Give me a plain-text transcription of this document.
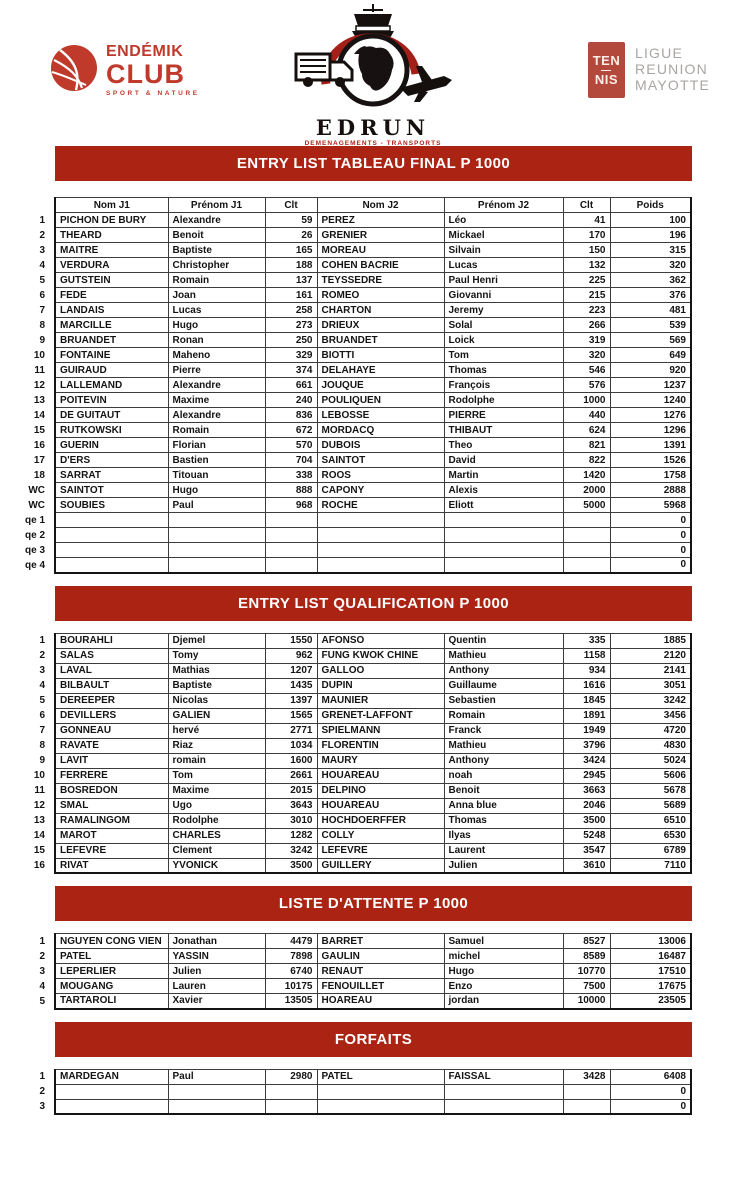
ENDÉMIK
CLUB
SPORT & NATURE
EDRUN
DEMENAGEMENTS - TRANSPORTS
TEN
NIS
LIGUE
REUNION
MAYOTTE
ENTRY LIST TABLEAU FINAL P 1000
	Nom J1	Prénom J1	Clt	Nom J2	Prénom J2	Clt	Poids
1	PICHON DE BURY	Alexandre	59	PEREZ	Léo	41	100
2	THEARD	Benoit	26	GRENIER	Mickael	170	196
3	MAITRE	Baptiste	165	MOREAU	Silvain	150	315
4	VERDURA	Christopher	188	COHEN BACRIE	Lucas	132	320
5	GUTSTEIN	Romain	137	TEYSSEDRE	Paul Henri	225	362
6	FEDE	Joan	161	ROMEO	Giovanni	215	376
7	LANDAIS	Lucas	258	CHARTON	Jeremy	223	481
8	MARCILLE	Hugo	273	DRIEUX	Solal	266	539
9	BRUANDET	Ronan	250	BRUANDET	Loick	319	569
10	FONTAINE	Maheno	329	BIOTTI	Tom	320	649
11	GUIRAUD	Pierre	374	DELAHAYE	Thomas	546	920
12	LALLEMAND	Alexandre	661	JOUQUE	François	576	1237
13	POITEVIN	Maxime	240	POULIQUEN	Rodolphe	1000	1240
14	DE GUITAUT	Alexandre	836	LEBOSSE	PIERRE	440	1276
15	RUTKOWSKI	Romain	672	MORDACQ	THIBAUT	624	1296
16	GUERIN	Florian	570	DUBOIS	Theo	821	1391
17	D'ERS	Bastien	704	SAINTOT	David	822	1526
18	SARRAT	Titouan	338	ROOS	Martin	1420	1758
WC	SAINTOT	Hugo	888	CAPONY	Alexis	2000	2888
WC	SOUBIES	Paul	968	ROCHE	Eliott	5000	5968
qe 1							0
qe 2							0
qe 3							0
qe 4							0
ENTRY LIST QUALIFICATION P 1000
1	BOURAHLI	Djemel	1550	AFONSO	Quentin	335	1885
2	SALAS	Tomy	962	FUNG KWOK CHINE	Mathieu	1158	2120
3	LAVAL	Mathias	1207	GALLOO	Anthony	934	2141
4	BILBAULT	Baptiste	1435	DUPIN	Guillaume	1616	3051
5	DEREEPER	Nicolas	1397	MAUNIER	Sebastien	1845	3242
6	DEVILLERS	GALIEN	1565	GRENET-LAFFONT	Romain	1891	3456
7	GONNEAU	hervé	2771	SPIELMANN	Franck	1949	4720
8	RAVATE	Riaz	1034	FLORENTIN	Mathieu	3796	4830
9	LAVIT	romain	1600	MAURY	Anthony	3424	5024
10	FERRERE	Tom	2661	HOUAREAU	noah	2945	5606
11	BOSREDON	Maxime	2015	DELPINO	Benoit	3663	5678
12	SMAL	Ugo	3643	HOUAREAU	Anna blue	2046	5689
13	RAMALINGOM	Rodolphe	3010	HOCHDOERFFER	Thomas	3500	6510
14	MAROT	CHARLES	1282	COLLY	Ilyas	5248	6530
15	LEFEVRE	Clement	3242	LEFEVRE	Laurent	3547	6789
16	RIVAT	YVONICK	3500	GUILLERY	Julien	3610	7110
LISTE D'ATTENTE P 1000
1	NGUYEN CONG VIEN	Jonathan	4479	BARRET	Samuel	8527	13006
2	PATEL	YASSIN	7898	GAULIN	michel	8589	16487
3	LEPERLIER	Julien	6740	RENAUT	Hugo	10770	17510
4	MOUGANG	Lauren	10175	FENOUILLET	Enzo	7500	17675
5	TARTAROLI	Xavier	13505	HOAREAU	jordan	10000	23505
FORFAITS
1	MARDEGAN	Paul	2980	PATEL	FAISSAL	3428	6408
2							0
3							0
